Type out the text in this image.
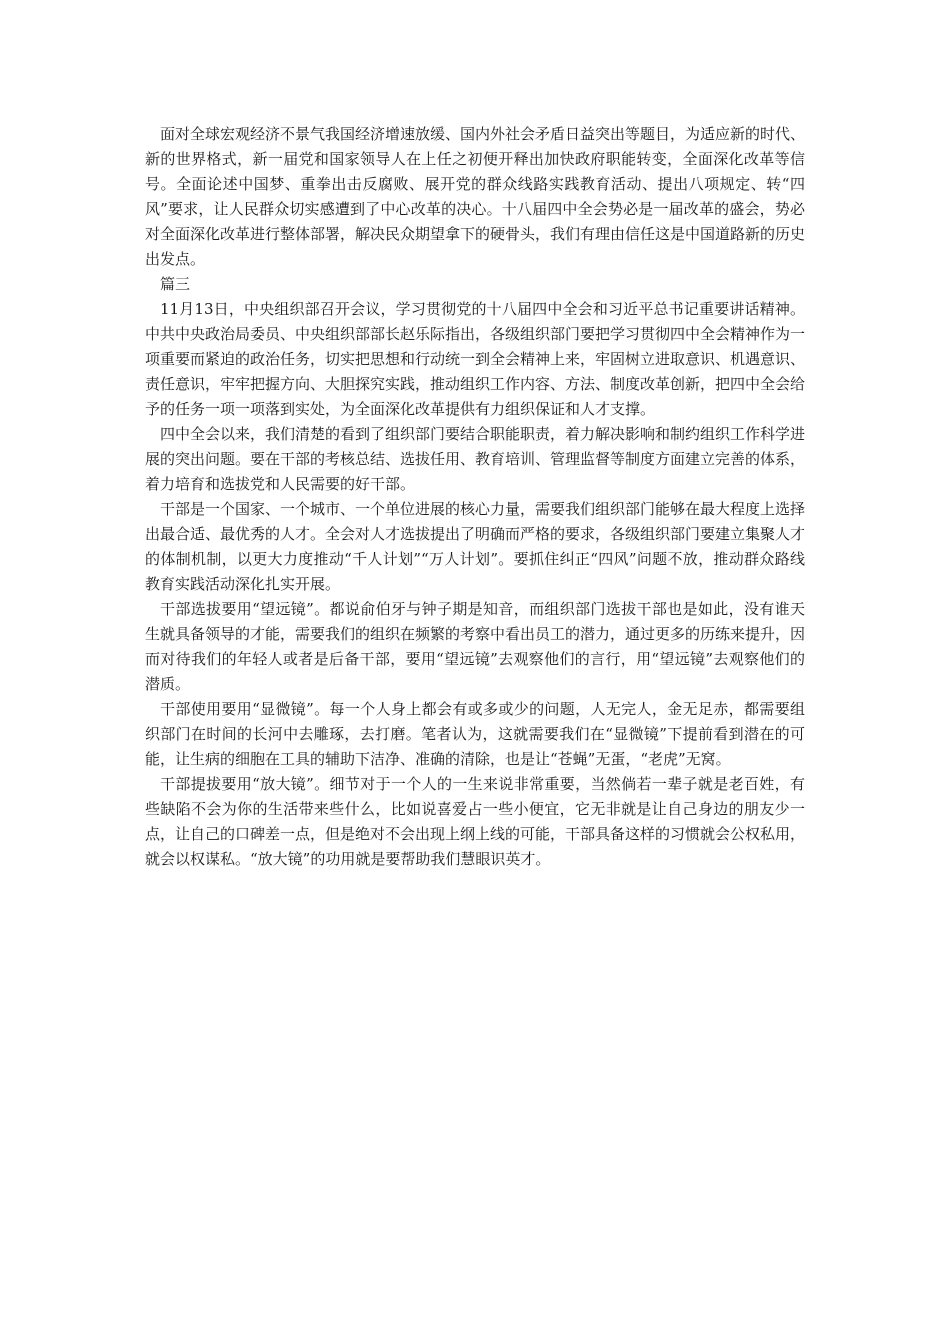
面对全球宏观经济不景气我国经济增速放缓、国内外社会矛盾日益突出等题目，为适应新的时代、新的世界格式，新一届党和国家领导人在上任之初便开释出加快政府职能转变，全面深化改革等信号。全面论述中国梦、重拳出击反腐败、展开党的群众线路实践教育活动、提出八项规定、转“四风”要求，让人民群众切实感遭到了中心改革的决心。十八届四中全会势必是一届改革的盛会，势必对全面深化改革进行整体部署，解决民众期望拿下的硬骨头，我们有理由信任这是中国道路新的历史出发点。

篇三

11月13日，中央组织部召开会议，学习贯彻党的十八届四中全会和习近平总书记重要讲话精神。中共中央政治局委员、中央组织部部长赵乐际指出，各级组织部门要把学习贯彻四中全会精神作为一项重要而紧迫的政治任务，切实把思想和行动统一到全会精神上来，牢固树立进取意识、机遇意识、责任意识，牢牢把握方向、大胆探究实践，推动组织工作内容、方法、制度改革创新，把四中全会给予的任务一项一项落到实处，为全面深化改革提供有力组织保证和人才支撑。

四中全会以来，我们清楚的看到了组织部门要结合职能职责，着力解决影响和制约组织工作科学进展的突出问题。要在干部的考核总结、选拔任用、教育培训、管理监督等制度方面建立完善的体系，着力培育和选拔党和人民需要的好干部。

干部是一个国家、一个城市、一个单位进展的核心力量，需要我们组织部门能够在最大程度上选择出最合适、最优秀的人才。全会对人才选拔提出了明确而严格的要求，各级组织部门要建立集聚人才的体制机制，以更大力度推动“千人计划”“万人计划”。要抓住纠正“四风”问题不放，推动群众路线教育实践活动深化扎实开展。

干部选拔要用“望远镜”。都说俞伯牙与钟子期是知音，而组织部门选拔干部也是如此，没有谁天生就具备领导的才能，需要我们的组织在频繁的考察中看出员工的潜力，通过更多的历练来提升，因而对待我们的年轻人或者是后备干部，要用“望远镜”去观察他们的言行，用“望远镜”去观察他们的潜质。

干部使用要用“显微镜”。每一个人身上都会有或多或少的问题，人无完人，金无足赤，都需要组织部门在时间的长河中去雕琢，去打磨。笔者认为，这就需要我们在“显微镜”下提前看到潜在的可能，让生病的细胞在工具的辅助下洁净、准确的清除，也是让“苍蝇”无蛋，“老虎”无窝。

干部提拔要用“放大镜”。细节对于一个人的一生来说非常重要，当然倘若一辈子就是老百姓，有些缺陷不会为你的生活带来些什么，比如说喜爱占一些小便宜，它无非就是让自己身边的朋友少一点，让自己的口碑差一点，但是绝对不会出现上纲上线的可能，干部具备这样的习惯就会公权私用，就会以权谋私。“放大镜”的功用就是要帮助我们慧眼识英才。
